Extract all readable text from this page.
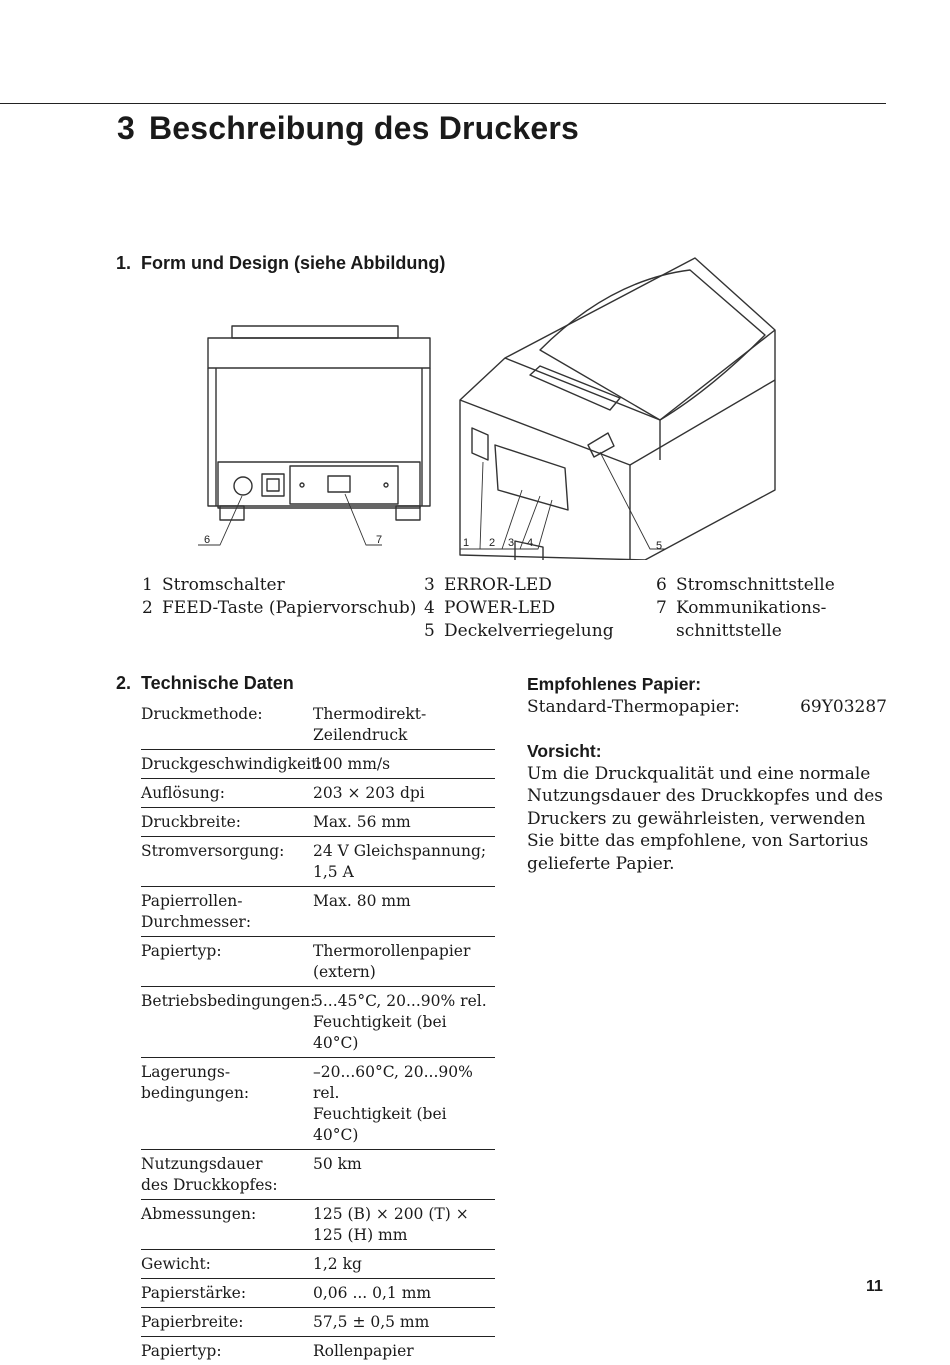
3 Beschreibung des Druckers
1. Form und Design (siehe Abbildung)
6	7	1 2 3 4	5
1 Stromschalter
2 FEED-Taste (Papiervorschub)
3 ERROR-LED
4 POWER-LED
5 Deckelverriegelung
6 Stromschnittstelle
7 Kommunikations-
schnittstelle
2. Technische Daten
Druckmethode:	Thermodirekt-Zeilendruck
Druckgeschwindigkeit:
100 mm/s
Auflösung:	203 × 203 dpi
Druckbreite:	Max. 56 mm
Stromversorgung:	24 V Gleichspannung;
1,5 A
Papierrollen-
Durchmesser:
Max. 80 mm
Papiertyp:	Thermorollenpapier
(extern)
Betriebsbedingungen:
5...45°C, 20...90% rel.
Feuchtigkeit (bei 40°C)
Lagerungs-
bedingungen:
–20...60°C, 20...90% rel.
Feuchtigkeit (bei 40°C)
Nutzungsdauer
des Druckkopfes:
50 km
Abmessungen:	125 (B) × 200 (T) ×
125 (H) mm
Gewicht:	1,2 kg
Papierstärke:	0,06 ... 0,1 mm
Papierbreite:	57,5 ± 0,5 mm
Papiertyp:	Rollenpapier
Empfohlenes Papier:
Standard-Thermopapier:	69Y03287
Vorsicht:
Um die Druckqualität und eine normale
Nutzungsdauer des Druckkopfes und des
Druckers zu gewährleisten, verwenden
Sie bitte das empfohlene, von Sartorius
gelieferte Papier.
11
